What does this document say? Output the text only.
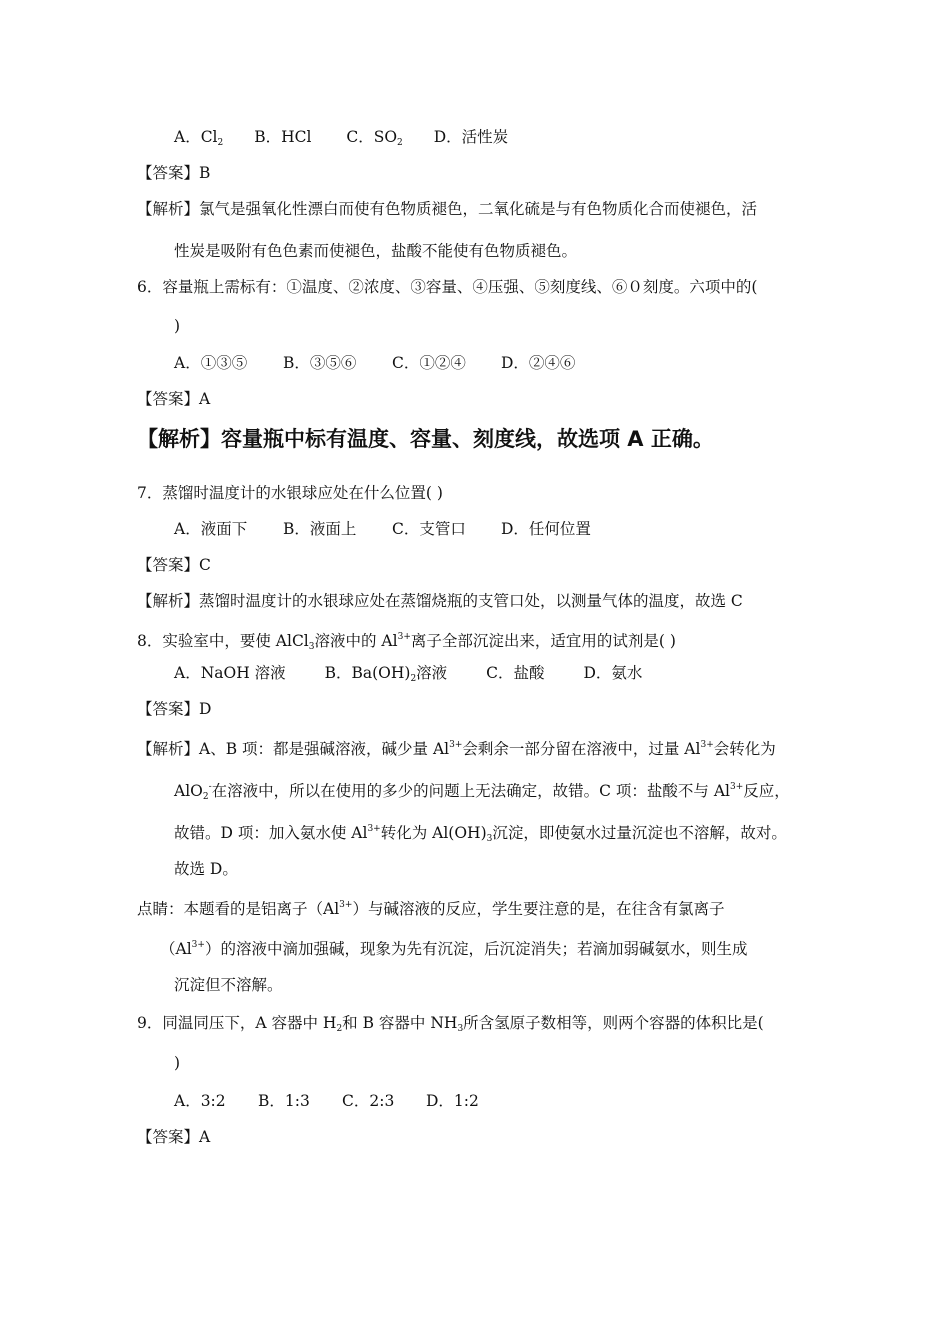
A．$Cl_2$ B．HCl C．$SO_2$ D．活性炭
【答案】B
【解析】氯气是强氧化性漂白而使有色物质褪色，二氧化硫是与有色物质化合而使褪色，活
性炭是吸附有色色素而使褪色，盐酸不能使有色物质褪色。
6．容量瓶上需标有：①温度、②浓度、③容量、④压强、⑤刻度线、⑥０刻度。六项中的(
)
A．①③⑤ B．③⑤⑥ C．①②④ D．②④⑥
【答案】A
【解析】容量瓶中标有温度、容量、刻度线，故选项 A 正确。
7．蒸馏时温度计的水银球应处在什么位置( )
A．液面下 B．液面上 C．支管口 D．任何位置
【答案】C
【解析】蒸馏时温度计的水银球应处在蒸馏烧瓶的支管口处，以测量气体的温度，故选 C
8．实验室中，要使 AlCl$_3$溶液中的 $Al^{3+}$离子全部沉淀出来，适宜用的试剂是( )
A．NaOH 溶液	B．$Ba(OH)_2$溶液	C．盐酸	D．氨水
【答案】D
【解析】A、B 项：都是强碱溶液，碱少量 $Al^{3+}$会剩余一部分留在溶液中，过量 $Al^{3+}$会转化为
AlO$_2$-在溶液中，所以在使用的多少的问题上无法确定，故错。C 项：盐酸不与 $Al^{3+}$反应，
故错。D 项：加入氨水使 $Al^{3+}$转化为 $Al(OH)_3$沉淀，即使氨水过量沉淀也不溶解，故对。
故选 D。
点睛：本题看的是铝离子$(Al^{3+})$与碱溶液的反应，学生要注意的是，在往含有氯离子
$(Al^{3+})$的溶液中滴加强碱，现象为先有沉淀，后沉淀消失；若滴加弱碱氨水，则生成
沉淀但不溶解。
9．同温同压下，A 容器中 $H_2$和 B 容器中 $NH_3$所含氢原子数相等，则两个容器的体积比是(
)
A．3:2 B．1:3 C．2:3 D．1:2
【答案】A
